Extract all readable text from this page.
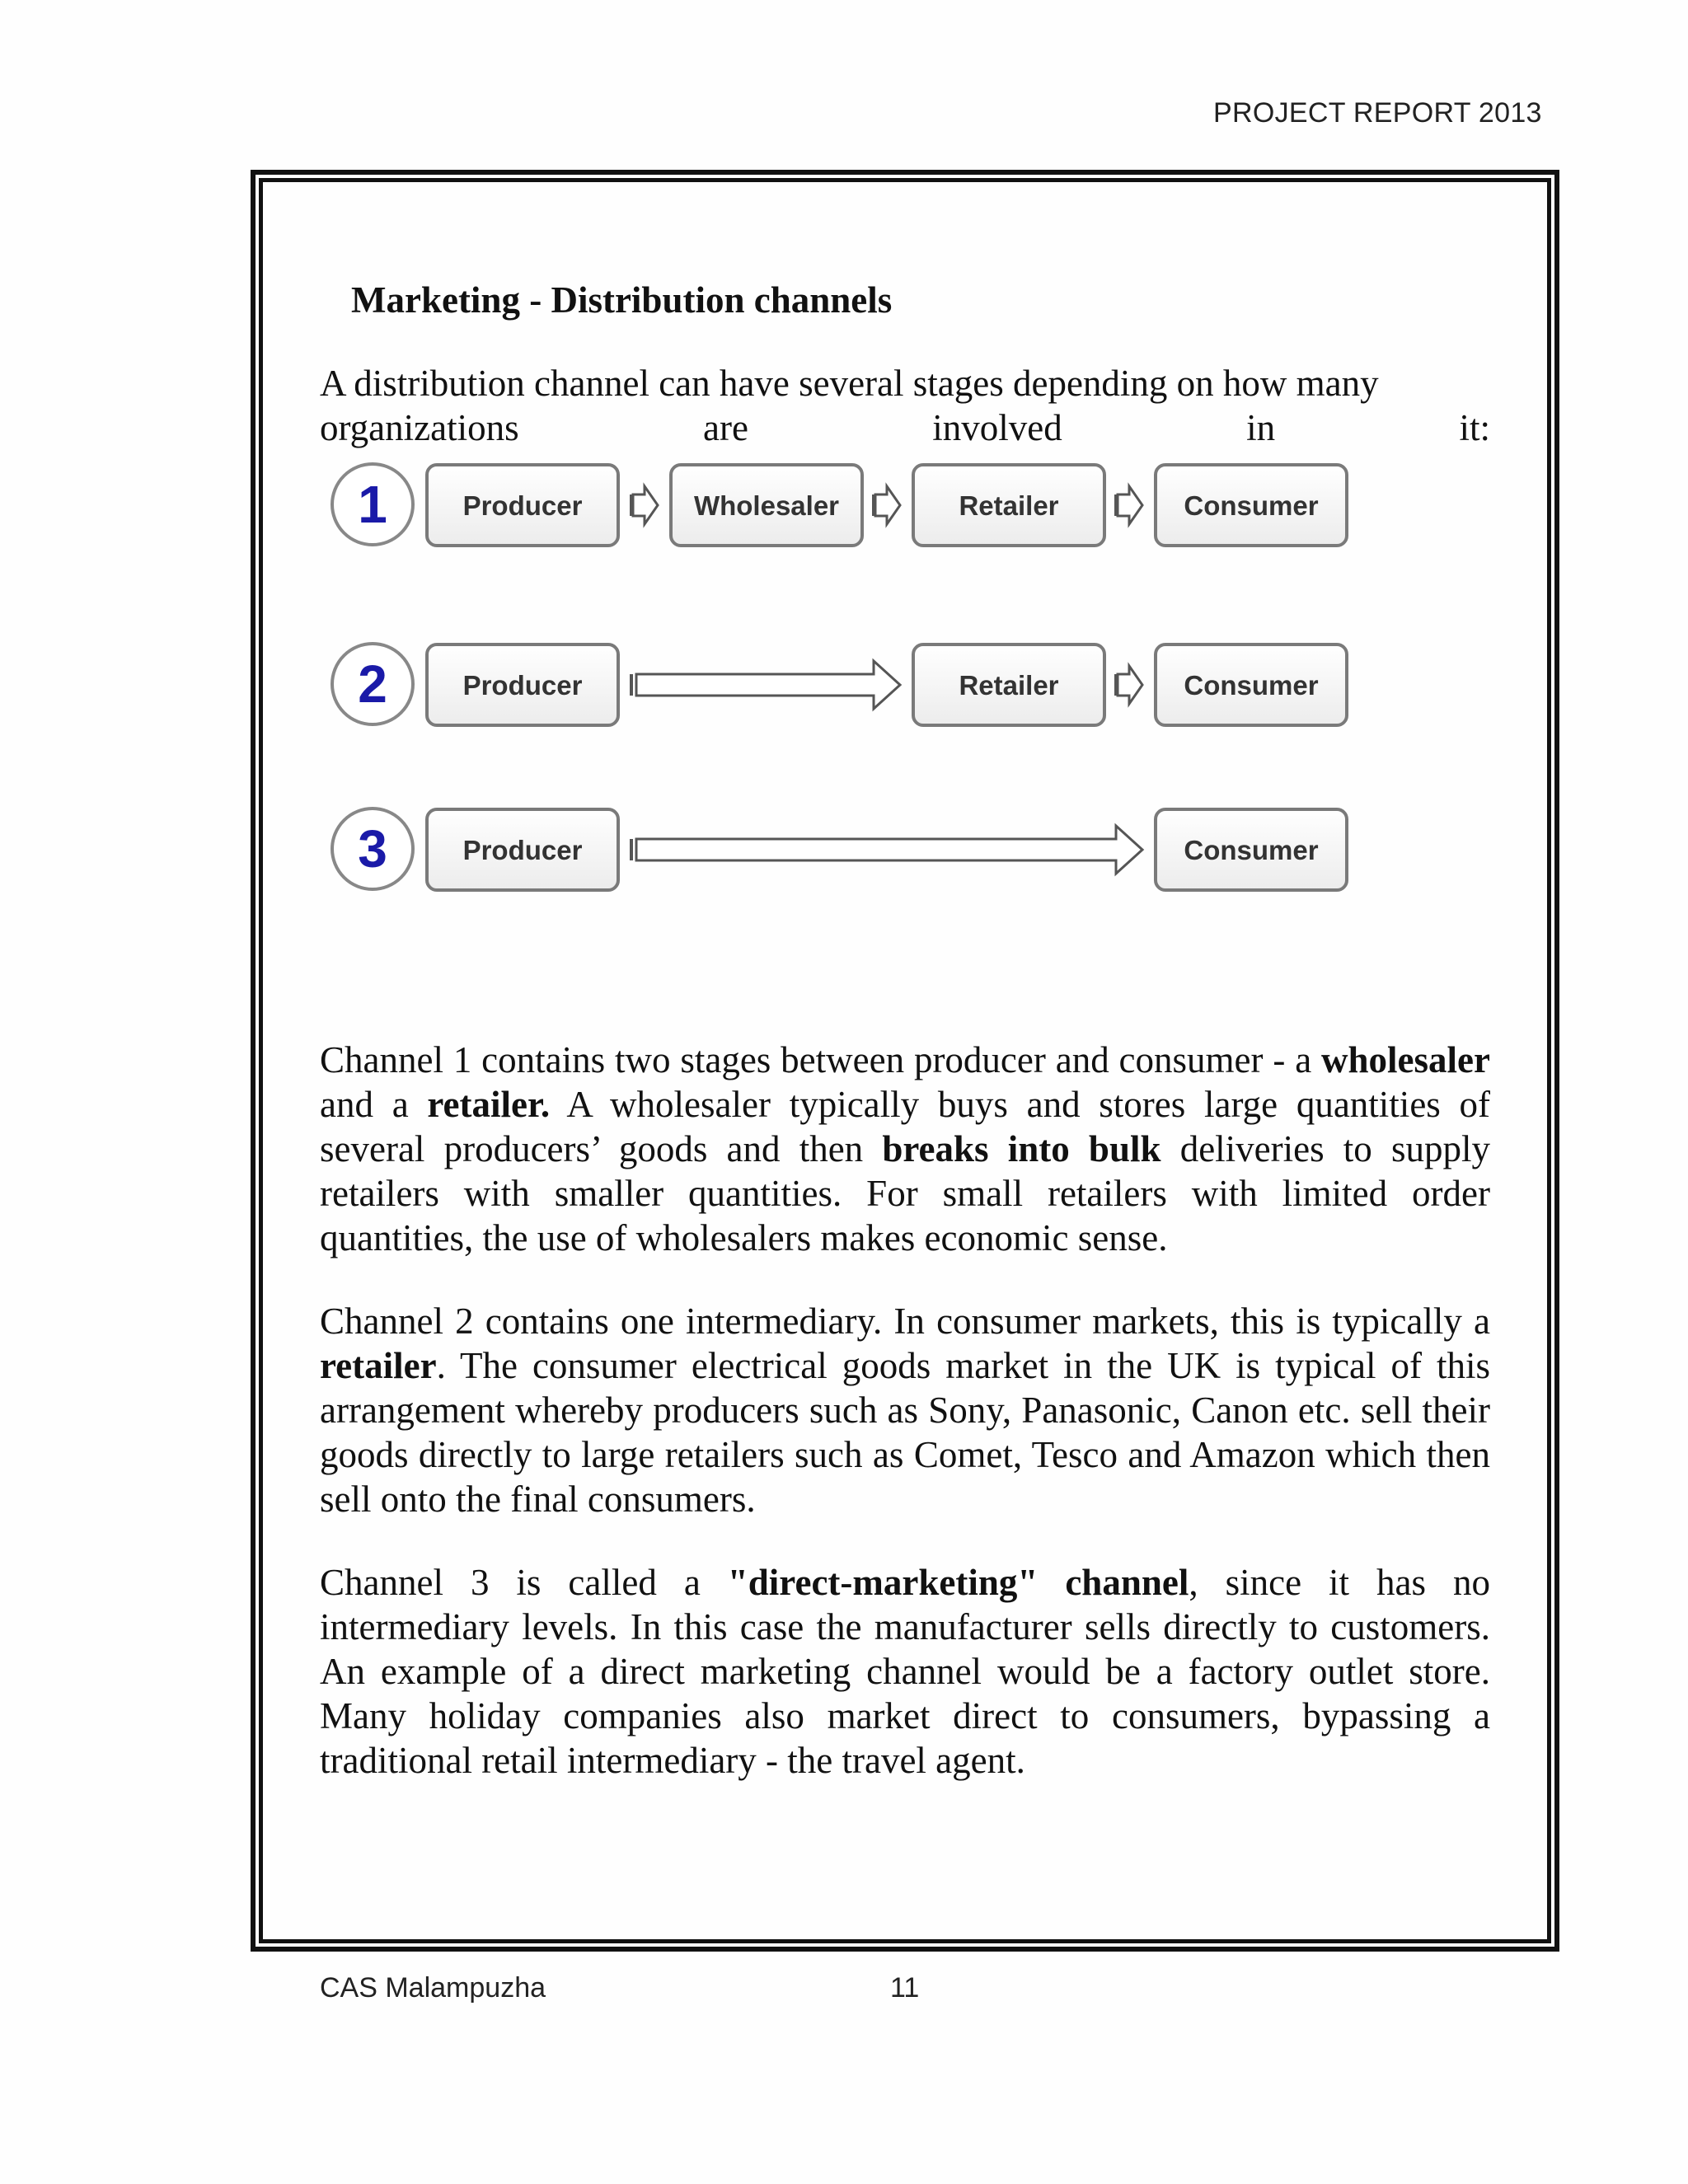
PROJECT REPORT 2013
Marketing - Distribution channels

A distribution channel can have several stages depending on how many

organizations	are	involved	in	it:

1	Producer	Wholesaler	Retailer	Consumer
2	Producer	Retailer	Consumer
3	Producer	Consumer

Channel 1 contains two stages between producer and consumer - a wholesaler and a retailer. A wholesaler typically buys and stores large quantities of several producers’ goods and then breaks into bulk deliveries to supply retailers with smaller quantities. For small retailers with limited order quantities, the use of wholesalers makes economic sense.

Channel 2 contains one intermediary. In consumer markets, this is typically a retailer. The consumer electrical goods market in the UK is typical of this arrangement whereby producers such as Sony, Panasonic, Canon etc. sell their goods directly to large retailers such as Comet, Tesco and Amazon which then sell onto the final consumers.

Channel 3 is called a "direct-marketing" channel, since it has no intermediary levels. In this case the manufacturer sells directly to customers. An example of a direct marketing channel would be a factory outlet store. Many holiday companies also market direct to consumers, bypassing a traditional retail intermediary - the travel agent.

CAS Malampuzha	11
